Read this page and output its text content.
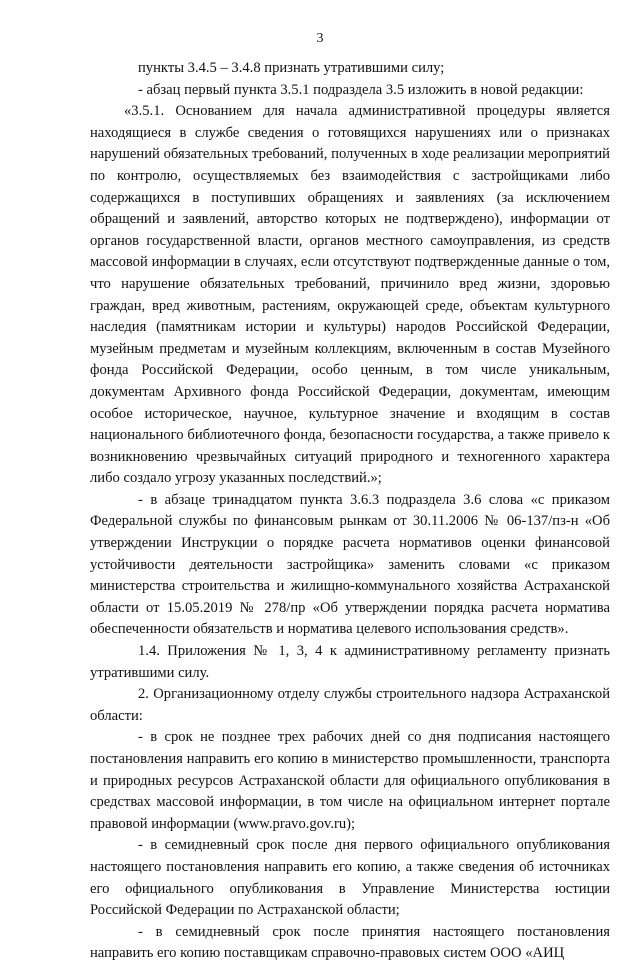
3

пункты 3.4.5 – 3.4.8 признать утратившими силу;

- абзац первый пункта 3.5.1 подраздела 3.5 изложить в новой редакции:

«3.5.1. Основанием для начала административной процедуры является находящиеся в службе сведения о готовящихся нарушениях или о признаках нарушений обязательных требований, полученных в ходе реализации мероприятий по контролю, осуществляемых без взаимодействия с застройщиками либо содержащихся в поступивших обращениях и заявлениях (за исключением обращений и заявлений, авторство которых не подтверждено), информации от органов государственной власти, органов местного самоуправления, из средств массовой информации в случаях, если отсутствуют подтвержденные данные о том, что нарушение обязательных требований, причинило вред жизни, здоровью граждан, вред животным, растениям, окружающей среде, объектам культурного наследия (памятникам истории и культуры) народов Российской Федерации, музейным предметам и музейным коллекциям, включенным в состав Музейного фонда Российской Федерации, особо ценным, в том числе уникальным, документам Архивного фонда Российской Федерации, документам, имеющим особое историческое, научное, культурное значение и входящим в состав национального библиотечного фонда, безопасности государства, а также привело к возникновению чрезвычайных ситуаций природного и техногенного характера либо создало угрозу указанных последствий.»;

- в абзаце тринадцатом пункта 3.6.3 подраздела 3.6 слова «с приказом Федеральной службы по финансовым рынкам от 30.11.2006 № 06-137/пз-н «Об утверждении Инструкции о порядке расчета нормативов оценки финансовой устойчивости деятельности застройщика» заменить словами «с приказом министерства строительства и жилищно-коммунального хозяйства Астраханской области от 15.05.2019 № 278/пр «Об утверждении порядка расчета норматива обеспеченности обязательств и норматива целевого использования средств».

1.4. Приложения № 1, 3, 4 к административному регламенту признать утратившими силу.

2. Организационному отделу службы строительного надзора Астраханской области:

- в срок не позднее трех рабочих дней со дня подписания настоящего постановления направить его копию в министерство промышленности, транспорта и природных ресурсов Астраханской области для официального опубликования в средствах массовой информации, в том числе на официальном интернет портале правовой информации (www.pravo.gov.ru);

- в семидневный срок после дня первого официального опубликования настоящего постановления направить его копию, а также сведения об источниках его официального опубликования в Управление Министерства юстиции Российской Федерации по Астраханской области;

- в семидневный срок после принятия настоящего постановления направить его копию поставщикам справочно-правовых систем ООО «АИЦ
